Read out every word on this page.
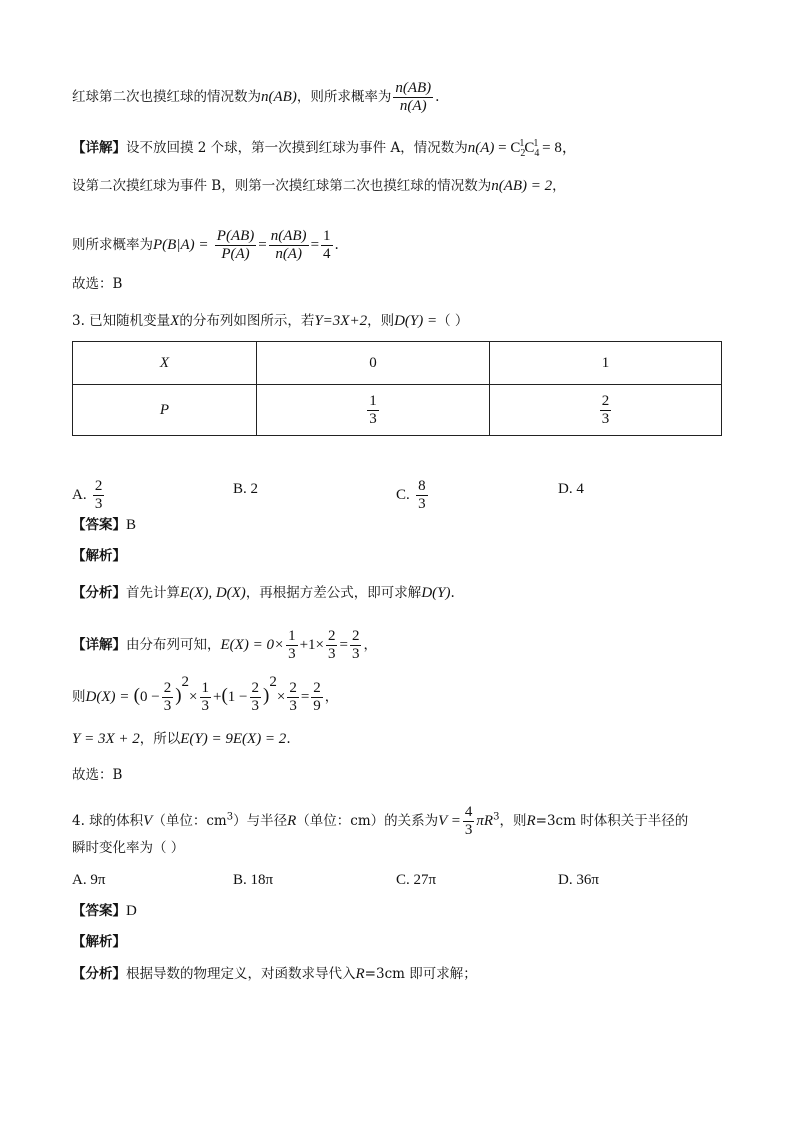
红球第二次也摸红球的情况数为n(AB)，则所求概率为 $\frac{n(AB)}{n(A)}$ .
【详解】设不放回摸 2 个球，第一次摸到红球为事件 A，情况数为$n(A) = C_2^1C_4^1 = 8$，
设第二次摸红球为事件 B，则第一次摸红球第二次也摸红球的情况数为n(AB) = 2，
则所求概率为$P(B|A) = \frac{P(AB)}{P(A)} = \frac{n(AB)}{n(A)} = \frac{1}{4}$ .
故选：B
3. 已知随机变量X的分布列如图所示，若Y=3X+2，则D(Y) =（ ）
X	0	1
P	$\frac{1}{3}$	$\frac{2}{3}$
A. $\frac{2}{3}$	B. 2	C. $\frac{8}{3}$	D. 4
【答案】B
【解析】
【分析】首先计算E(X), D(X)，再根据方差公式，即可求解D(Y).
【详解】由分布列可知，$E(X) = 0\times \frac{1}{3} +1\times \frac{2}{3} = \frac{2}{3}$ ，
则$D(X) = (0 - \frac{2}{3} )^2\times \frac{1}{3} +(1 - \frac{2}{3} )^2\times \frac{2}{3} = \frac{2}{9}$ ，
Y = 3X + 2，所以E(Y) = 9E(X) = 2.
故选：B
4. 球的体积V（单位：$cm^3$）与半径R（单位：cm）的关系为$V = \frac{4}{3} \pi R^3$，则R=3cm 时体积关于半径的
瞬时变化率为（ ）
A. 9π	B. 18π	C. 27π	D. 36π
【答案】D
【解析】
【分析】根据导数的物理定义，对函数求导代入R=3cm 即可求解；
